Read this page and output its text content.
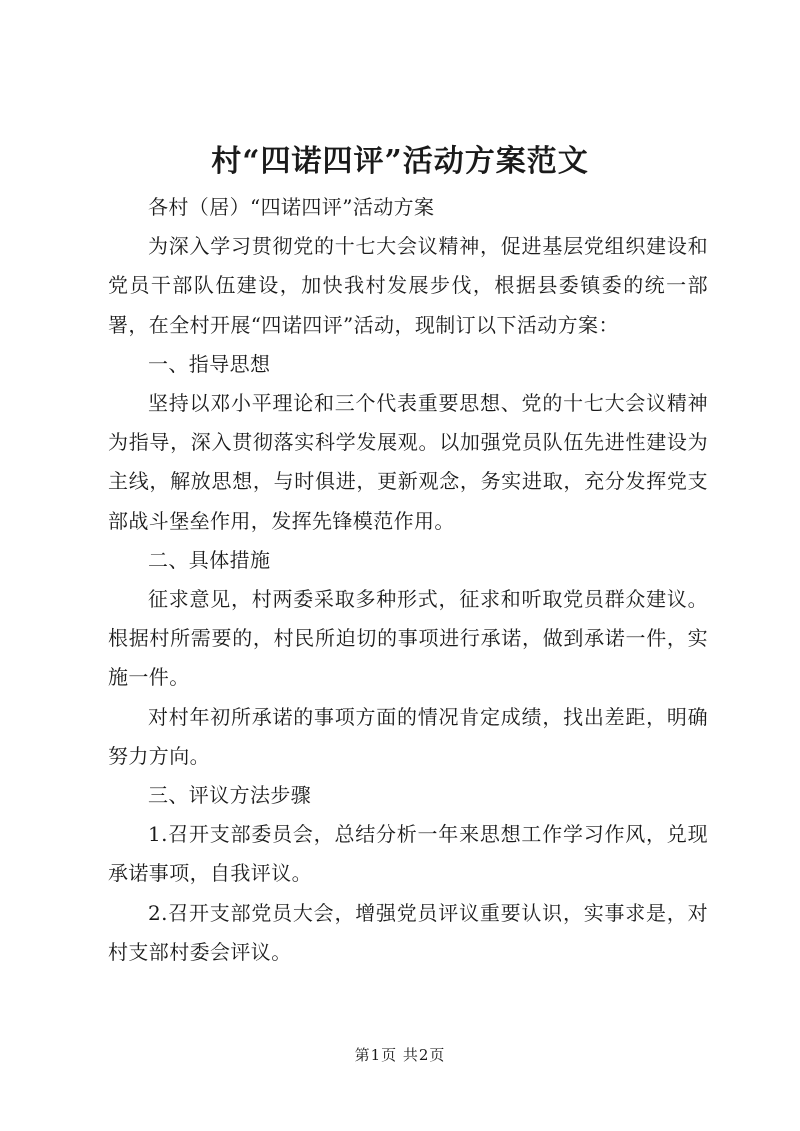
村“四诺四评”活动方案范文

各村（居）“四诺四评”活动方案

为深入学习贯彻党的十七大会议精神，促进基层党组织建设和党员干部队伍建设，加快我村发展步伐，根据县委镇委的统一部署，在全村开展“四诺四评”活动，现制订以下活动方案：

一、指导思想

坚持以邓小平理论和三个代表重要思想、党的十七大会议精神为指导，深入贯彻落实科学发展观。以加强党员队伍先进性建设为主线，解放思想，与时俱进，更新观念，务实进取，充分发挥党支部战斗堡垒作用，发挥先锋模范作用。

二、具体措施

征求意见，村两委采取多种形式，征求和听取党员群众建议。根据村所需要的，村民所迫切的事项进行承诺，做到承诺一件，实施一件。

对村年初所承诺的事项方面的情况肯定成绩，找出差距，明确努力方向。

三、评议方法步骤

1.召开支部委员会，总结分析一年来思想工作学习作风，兑现承诺事项，自我评议。

2.召开支部党员大会，增强党员评议重要认识，实事求是，对村支部村委会评议。

第1页 共2页
